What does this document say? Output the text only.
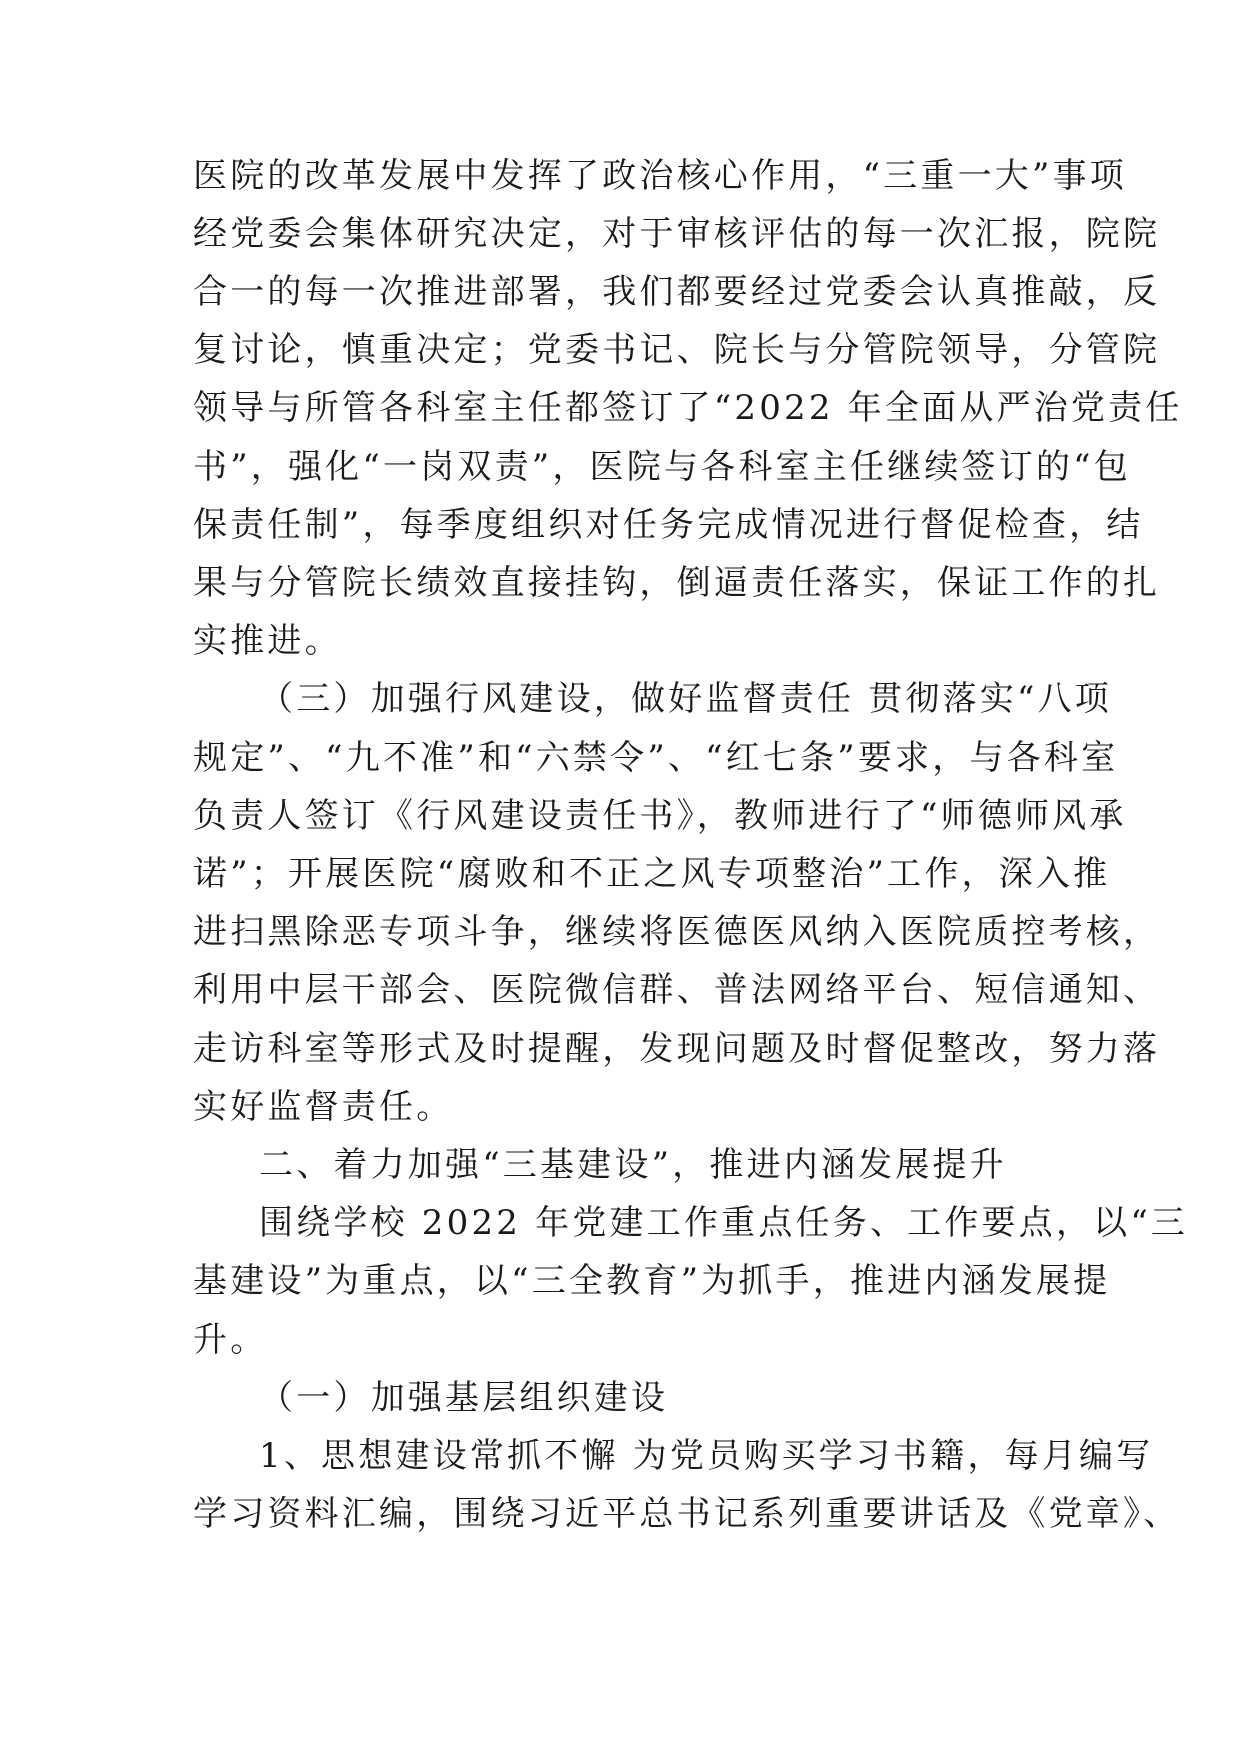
医院的改革发展中发挥了政治核心作用，“三重一大”事项
经党委会集体研究决定，对于审核评估的每一次汇报，院院
合一的每一次推进部署，我们都要经过党委会认真推敲，反
复讨论，慎重决定；党委书记、院长与分管院领导，分管院
领导与所管各科室主任都签订了“2022 年全面从严治党责任
书”，强化“一岗双责”，医院与各科室主任继续签订的“包
保责任制”，每季度组织对任务完成情况进行督促检查，结
果与分管院长绩效直接挂钩，倒逼责任落实，保证工作的扎
实推进。
（三）加强行风建设，做好监督责任 贯彻落实“八项
规定”、“九不准”和“六禁令”、“红七条”要求，与各科室
负责人签订《行风建设责任书》，教师进行了“师德师风承
诺”；开展医院“腐败和不正之风专项整治”工作，深入推
进扫黑除恶专项斗争，继续将医德医风纳入医院质控考核，
利用中层干部会、医院微信群、普法网络平台、短信通知、
走访科室等形式及时提醒，发现问题及时督促整改，努力落
实好监督责任。
二、着力加强“三基建设”，推进内涵发展提升
围绕学校 2022 年党建工作重点任务、工作要点，以“三
基建设”为重点，以“三全教育”为抓手，推进内涵发展提
升。
（一）加强基层组织建设
1、思想建设常抓不懈 为党员购买学习书籍，每月编写
学习资料汇编，围绕习近平总书记系列重要讲话及《党章》、
